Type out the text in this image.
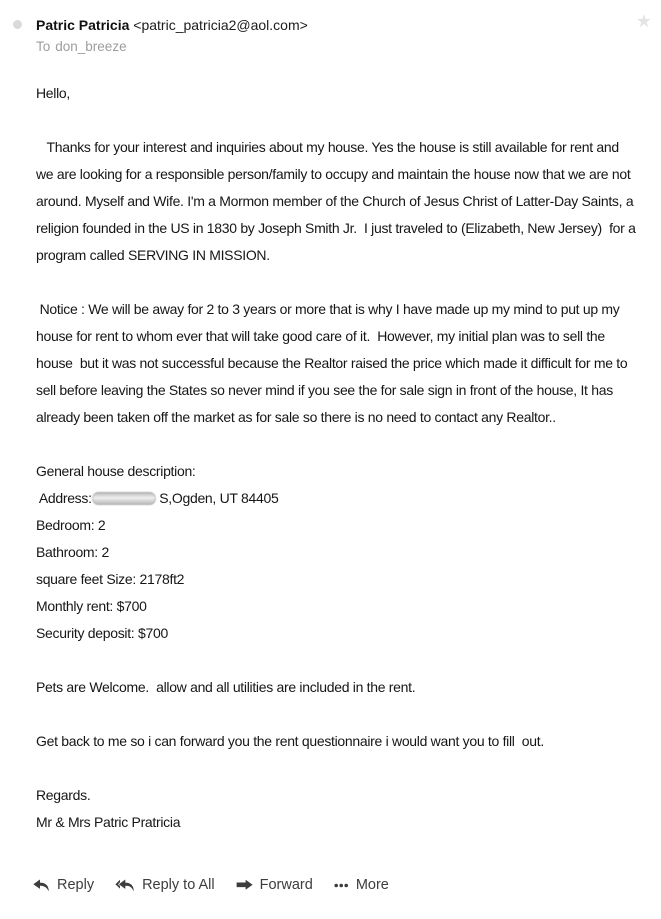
Patric Patricia <patric_patricia2@aol.com>
To don_breeze
★
Hello,
Thanks for your interest and inquiries about my house. Yes the house is still available for rent and
we are looking for a responsible person/family to occupy and maintain the house now that we are not
around. Myself and Wife. I'm a Mormon member of the Church of Jesus Christ of Latter-Day Saints, a
religion founded in the US in 1830 by Joseph Smith Jr.  I just traveled to (Elizabeth, New Jersey)  for a
program called SERVING IN MISSION.
Notice : We will be away for 2 to 3 years or more that is why I have made up my mind to put up my
house for rent to whom ever that will take good care of it.  However, my initial plan was to sell the
house  but it was not successful because the Realtor raised the price which made it difficult for me to
sell before leaving the States so never mind if you see the for sale sign in front of the house, It has
already been taken off the market as for sale so there is no need to contact any Realtor..
General house description:
Address:	S,Ogden, UT 84405
Bedroom: 2
Bathroom: 2
square feet Size: 2178ft2
Monthly rent: $700
Security deposit: $700
Pets are Welcome.  allow and all utilities are included in the rent.
Get back to me so i can forward you the rent questionnaire i would want you to fill  out.
Regards.
Mr & Mrs Patric Pratricia
Reply	Reply to All	Forward	More
